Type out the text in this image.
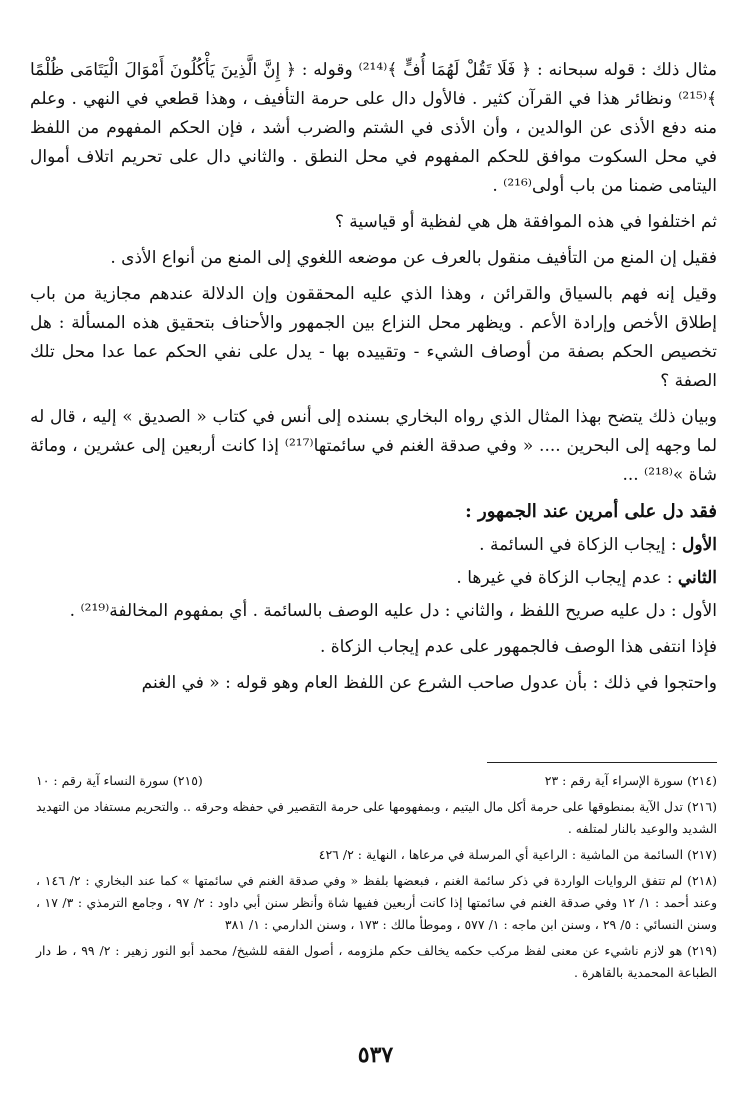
مثال ذلك : قوله سبحانه : ﴿ فَلَا تَقُلْ لَهُمَا أُفٍّ ﴾⁽²¹⁴⁾ وقوله : ﴿ إِنَّ الَّذِينَ يَأْكُلُونَ أَمْوَالَ الْيَتَامَى ظُلْمًا ﴾⁽²¹⁵⁾ ونظائر هذا في القرآن كثير . فالأول دال على حرمة التأفيف ، وهذا قطعي في النهي . وعلم منه دفع الأذى عن الوالدين ، وأن الأذى في الشتم والضرب أشد ، فإن الحكم المفهوم من اللفظ في محل السكوت موافق للحكم المفهوم في محل النطق . والثاني دال على تحريم اتلاف أموال اليتامى ضمنا من باب أولى⁽²¹⁶⁾ .

ثم اختلفوا في هذه الموافقة هل هي لفظية أو قياسية ؟

فقيل إن المنع من التأفيف منقول بالعرف عن موضعه اللغوي إلى المنع من أنواع الأذى .

وقيل إنه فهم بالسياق والقرائن ، وهذا الذي عليه المحققون وإن الدلالة عندهم مجازية من باب إطلاق الأخص وإرادة الأعم . ويظهر محل النزاع بين الجمهور والأحناف بتحقيق هذه المسألة : هل تخصيص الحكم بصفة من أوصاف الشيء - وتقييده بها - يدل على نفي الحكم عما عدا محل تلك الصفة ؟

وبيان ذلك يتضح بهذا المثال الذي رواه البخاري بسنده إلى أنس في كتاب « الصديق » إليه ، قال له لما وجهه إلى البحرين .... « وفي صدقة الغنم في سائمتها⁽²¹⁷⁾ إذا كانت أربعين إلى عشرين ، ومائة شاة »⁽²¹⁸⁾ ...

فقد دل على أمرين عند الجمهور :

الأول : إيجاب الزكاة في السائمة .

الثاني : عدم إيجاب الزكاة في غيرها .

الأول : دل عليه صريح اللفظ ، والثاني : دل عليه الوصف بالسائمة . أي بمفهوم المخالفة⁽²¹⁹⁾ .

فإذا انتفى هذا الوصف فالجمهور على عدم إيجاب الزكاة .

واحتجوا في ذلك : بأن عدول صاحب الشرع عن اللفظ العام وهو قوله : « في الغنم

(٢١٤) سورة الإسراء آية رقم : ٢٣
(٢١٥) سورة النساء آية رقم : ١٠

(٢١٦) تدل الآية بمنطوقها على حرمة أكل مال اليتيم ، وبمفهومها على حرمة التقصير في حفظه وحرقه .. والتحريم مستفاد من التهديد الشديد والوعيد بالنار لمتلفه .

(٢١٧) السائمة من الماشية : الراعية أي المرسلة في مرعاها ، النهاية : ٢/ ٤٢٦

(٢١٨) لم تتفق الروايات الواردة في ذكر سائمة الغنم ، فبعضها بلفظ « وفي صدقة الغنم في سائمتها » كما عند البخاري : ٢/ ١٤٦ ، وعند أحمد : ١/ ١٢ وفي صدقة الغنم في سائمتها إذا كانت أربعين ففيها شاة وأنظر سنن أبي داود : ٢/ ٩٧ ، وجامع الترمذي : ٣/ ١٧ ، وسنن النسائي : ٥/ ٢٩ ، وسنن ابن ماجه : ١/ ٥٧٧ ، وموطأ مالك : ١٧٣ ، وسنن الدارمي : ١/ ٣٨١

(٢١٩) هو لازم ناشيء عن معنى لفظ مركب حكمه يخالف حكم ملزومه ، أصول الفقه للشيخ/ محمد أبو النور زهير : ٢/ ٩٩ ، ط دار الطباعة المحمدية بالقاهرة .

٥٣٧
